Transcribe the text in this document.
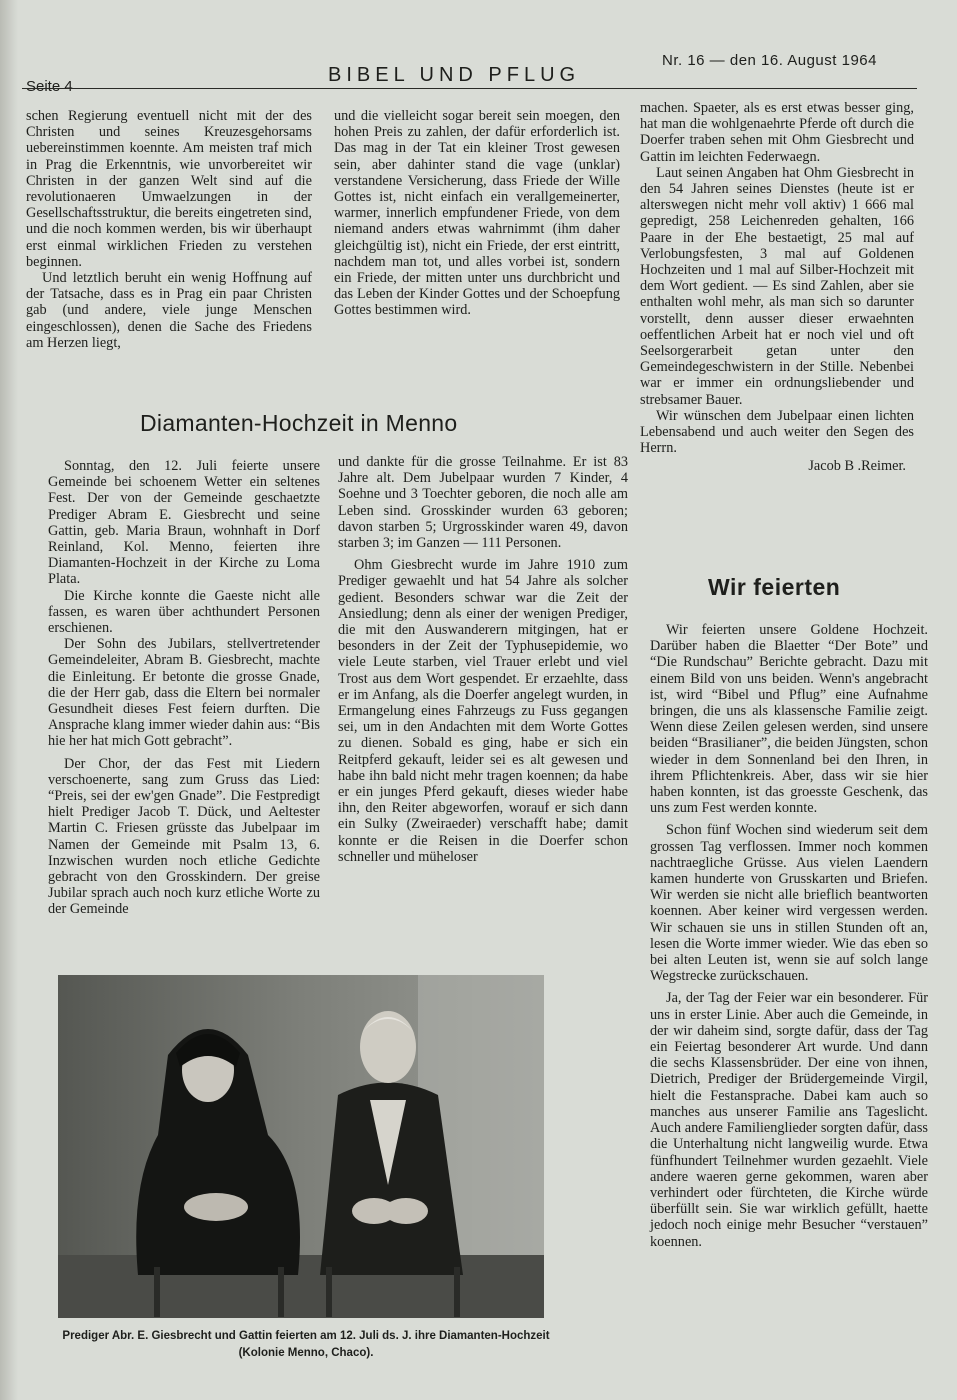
Seite 4
BIBEL UND PFLUG
Nr. 16 — den 16. August 1964

schen Regierung eventuell nicht mit der des Christen und seines Kreuzesgehorsams uebereinstimmen koennte. Am meisten traf mich in Prag die Erkenntnis, wie unvorbereitet wir Christen in der ganzen Welt sind auf die revolutionaeren Umwaelzungen in der Gesellschaftsstruktur, die bereits eingetreten sind, und die noch kommen werden, bis wir überhaupt erst einmal wirklichen Frieden zu verstehen beginnen.

Und letztlich beruht ein wenig Hoffnung auf der Tatsache, dass es in Prag ein paar Christen gab (und andere, viele junge Menschen eingeschlossen), denen die Sache des Friedens am Herzen liegt,

und die vielleicht sogar bereit sein moegen, den hohen Preis zu zahlen, der dafür erforderlich ist. Das mag in der Tat ein kleiner Trost gewesen sein, aber dahinter stand die vage (unklar) verstandene Versicherung, dass Friede der Wille Gottes ist, nicht einfach ein verallgemeinerter, warmer, innerlich empfundener Friede, von dem niemand anders etwas wahrnimmt (ihm daher gleichgültig ist), nicht ein Friede, der erst eintritt, nachdem man tot, und alles vorbei ist, sondern ein Friede, der mitten unter uns durchbricht und das Leben der Kinder Gottes und der Schoepfung Gottes bestimmen wird.

Diamanten-Hochzeit in Menno

Sonntag, den 12. Juli feierte unsere Gemeinde bei schoenem Wetter ein seltenes Fest. Der von der Gemeinde geschaetzte Prediger Abram E. Giesbrecht und seine Gattin, geb. Maria Braun, wohnhaft in Dorf Reinland, Kol. Menno, feierten ihre Diamanten-Hochzeit in der Kirche zu Loma Plata.

Die Kirche konnte die Gaeste nicht alle fassen, es waren über achthundert Personen erschienen.

Der Sohn des Jubilars, stellvertretender Gemeindeleiter, Abram B. Giesbrecht, machte die Einleitung. Er betonte die grosse Gnade, die der Herr gab, dass die Eltern bei normaler Gesundheit dieses Fest feiern durften. Die Ansprache klang immer wieder dahin aus: “Bis hie her hat mich Gott gebracht”.

Der Chor, der das Fest mit Liedern verschoenerte, sang zum Gruss das Lied: “Preis, sei der ew'gen Gnade”. Die Festpredigt hielt Prediger Jacob T. Dück, und Aeltester Martin C. Friesen grüsste das Jubelpaar im Namen der Gemeinde mit Psalm 13, 6. Inzwischen wurden noch etliche Gedichte gebracht von den Grosskindern. Der greise Jubilar sprach auch noch kurz etliche Worte zu der Gemeinde

und dankte für die grosse Teilnahme. Er ist 83 Jahre alt. Dem Jubelpaar wurden 7 Kinder, 4 Soehne und 3 Toechter geboren, die noch alle am Leben sind. Grosskinder wurden 63 geboren; davon starben 5; Urgrosskinder waren 49, davon starben 3; im Ganzen — 111 Personen.

Ohm Giesbrecht wurde im Jahre 1910 zum Prediger gewaehlt und hat 54 Jahre als solcher gedient. Besonders schwar war die Zeit der Ansiedlung; denn als einer der wenigen Prediger, die mit den Auswanderern mitgingen, hat er besonders in der Zeit der Typhusepidemie, wo viele Leute starben, viel Trauer erlebt und viel Trost aus dem Wort gespendet. Er erzaehlte, dass er im Anfang, als die Doerfer angelegt wurden, in Ermangelung eines Fahrzeugs zu Fuss gegangen sei, um in den Andachten mit dem Worte Gottes zu dienen. Sobald es ging, habe er sich ein Reitpferd gekauft, leider sei es alt gewesen und habe ihn bald nicht mehr tragen koennen; da habe er ein junges Pferd gekauft, dieses wieder habe ihn, den Reiter abgeworfen, worauf er sich dann ein Sulky (Zweiraeder) verschafft habe; damit konnte er die Reisen in die Doerfer schon schneller und müheloser

machen. Spaeter, als es erst etwas besser ging, hat man die wohlgenaehrte Pferde oft durch die Doerfer traben sehen mit Ohm Giesbrecht und Gattin im leichten Federwaegn.

Laut seinen Angaben hat Ohm Giesbrecht in den 54 Jahren seines Dienstes (heute ist er alterswegen nicht mehr voll aktiv) 1 666 mal gepredigt, 258 Leichenreden gehalten, 166 Paare in der Ehe bestaetigt, 25 mal auf Verlobungsfesten, 3 mal auf Goldenen Hochzeiten und 1 mal auf Silber-Hochzeit mit dem Wort gedient. — Es sind Zahlen, aber sie enthalten wohl mehr, als man sich so darunter vorstellt, denn ausser dieser erwaehnten oeffentlichen Arbeit hat er noch viel und oft Seelsorgerarbeit getan unter den Gemeindegeschwistern in der Stille. Nebenbei war er immer ein ordnungsliebender und strebsamer Bauer.

Wir wünschen dem Jubelpaar einen lichten Lebensabend und auch weiter den Segen des Herrn.

Jacob B .Reimer.

Prediger Abr. E. Giesbrecht und Gattin feierten am 12. Juli ds. J. ihre Diamanten-Hochzeit (Kolonie Menno, Chaco).

Wir feierten

Wir feierten unsere Goldene Hochzeit. Darüber haben die Blaetter “Der Bote” und “Die Rundschau” Berichte gebracht. Dazu mit einem Bild von uns beiden. Wenn's angebracht ist, wird “Bibel und Pflug” eine Aufnahme bringen, die uns als klassensche Familie zeigt. Wenn diese Zeilen gelesen werden, sind unsere beiden “Brasilianer”, die beiden Jüngsten, schon wieder in dem Sonnenland bei den Ihren, in ihrem Pflichtenkreis. Aber, dass wir sie hier haben konnten, ist das groesste Geschenk, das uns zum Fest werden konnte.

Schon fünf Wochen sind wiederum seit dem grossen Tag verflossen. Immer noch kommen nachtraegliche Grüsse. Aus vielen Laendern kamen hunderte von Grusskarten und Briefen. Wir werden sie nicht alle brieflich beantworten koennen. Aber keiner wird vergessen werden. Wir schauen sie uns in stillen Stunden oft an, lesen die Worte immer wieder. Wie das eben so bei alten Leuten ist, wenn sie auf solch lange Wegstrecke zurückschauen.

Ja, der Tag der Feier war ein besonderer. Für uns in erster Linie. Aber auch die Gemeinde, in der wir daheim sind, sorgte dafür, dass der Tag ein Feiertag besonderer Art wurde. Und dann die sechs Klassensbrüder. Der eine von ihnen, Dietrich, Prediger der Brüdergemeinde Virgil, hielt die Festansprache. Dabei kam auch so manches aus unserer Familie ans Tageslicht. Auch andere Familienglieder sorgten dafür, dass die Unterhaltung nicht langweilig wurde. Etwa fünfhundert Teilnehmer wurden gezaehlt. Viele andere waeren gerne gekommen, waren aber verhindert oder fürchteten, die Kirche würde überfüllt sein. Sie war wirklich gefüllt, haette jedoch noch einige mehr Besucher “verstauen” koennen.
